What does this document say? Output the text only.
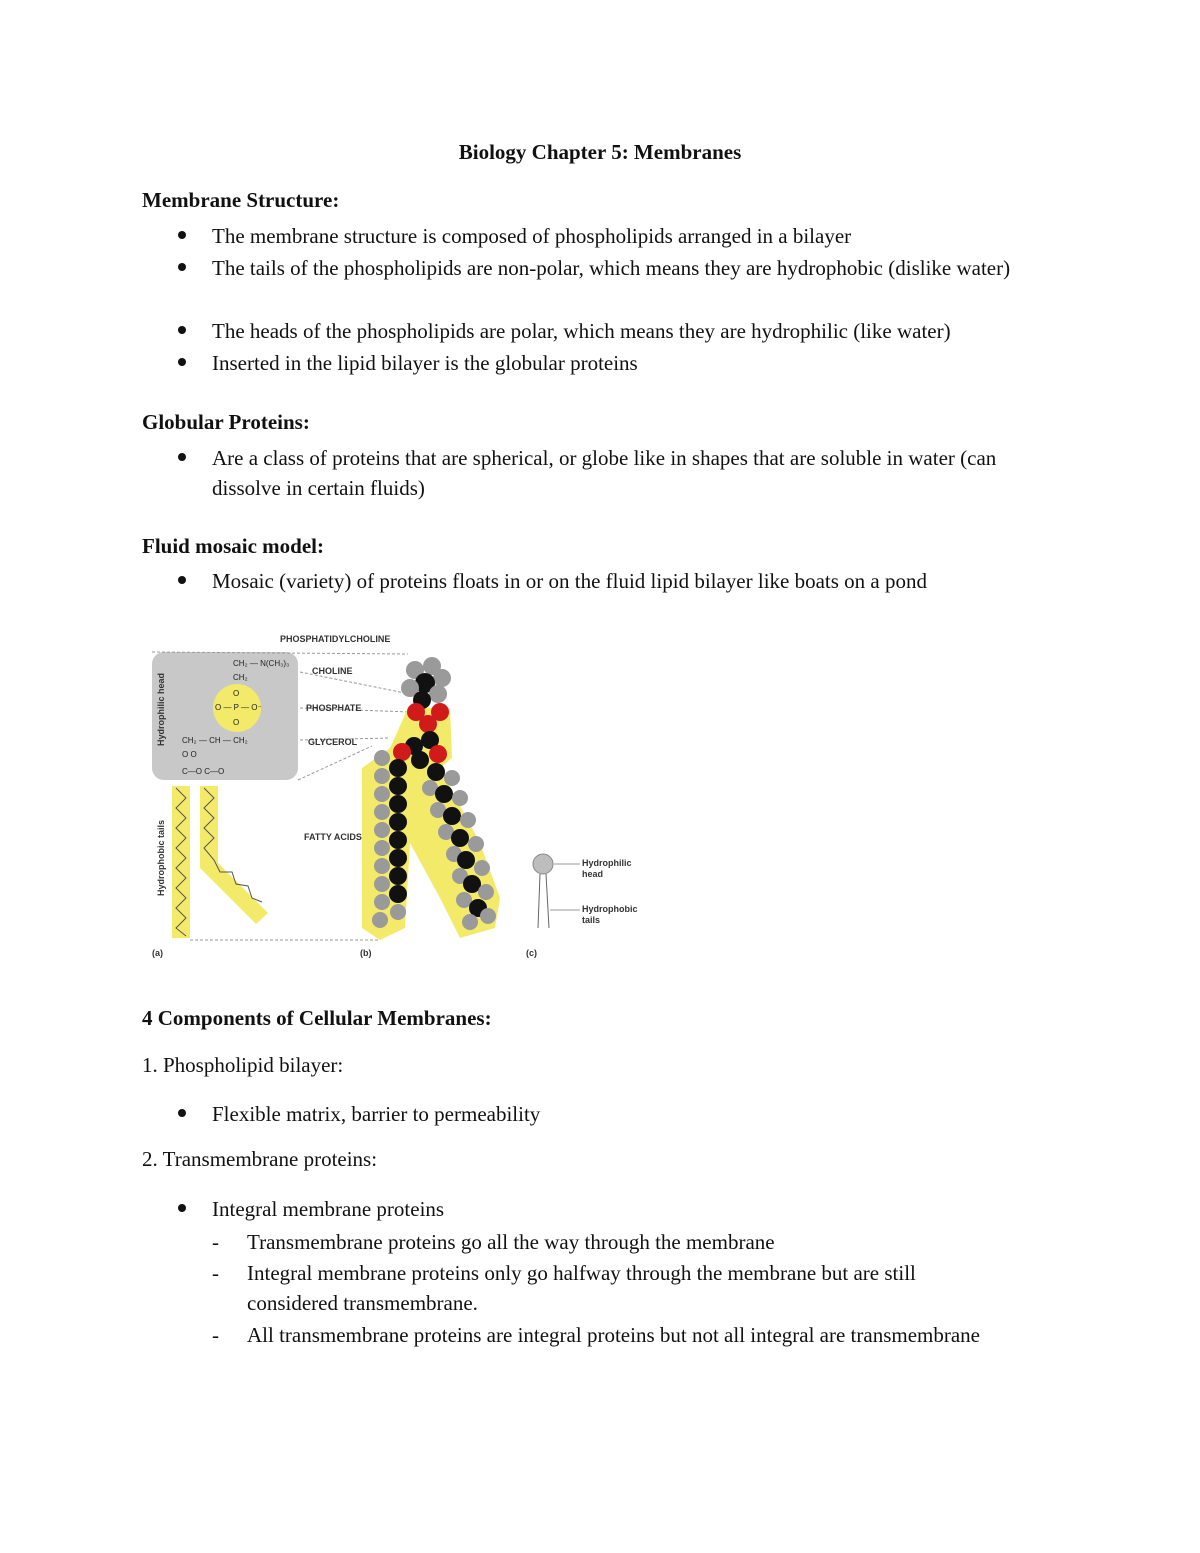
Biology Chapter 5: Membranes
Membrane Structure:
The membrane structure is composed of phospholipids arranged in a bilayer
The tails of the phospholipids are non-polar, which means they are hydrophobic (dislike water)
The heads of the phospholipids are polar, which means they are hydrophilic (like water)
Inserted in the lipid bilayer is the globular proteins
Globular Proteins:
Are a class of proteins that are spherical, or globe like in shapes that are soluble in water (can dissolve in certain fluids)
Fluid mosaic model:
Mosaic (variety) of proteins floats in or on the fluid lipid bilayer like boats on a pond
CH₂ — N(CH₃)₃
CH₂
O
O — P — O⁻
O
CH₂ — CH — CH₂
O O
C—O C—O
Hydrophilic head
Hydrophobic tails
PHOSPHATIDYLCHOLINE
CHOLINE
PHOSPHATE
GLYCEROL
FATTY ACIDS
Hydrophilic
head
Hydrophobic
tails
(a)	(b)	(c)
4 Components of Cellular Membranes:
1. Phospholipid bilayer:
Flexible matrix, barrier to permeability
2. Transmembrane proteins:
Integral membrane proteins
- Transmembrane proteins go all the way through the membrane
- Integral membrane proteins only go halfway through the membrane but are still considered transmembrane.
- All transmembrane proteins are integral proteins but not all integral are transmembrane
